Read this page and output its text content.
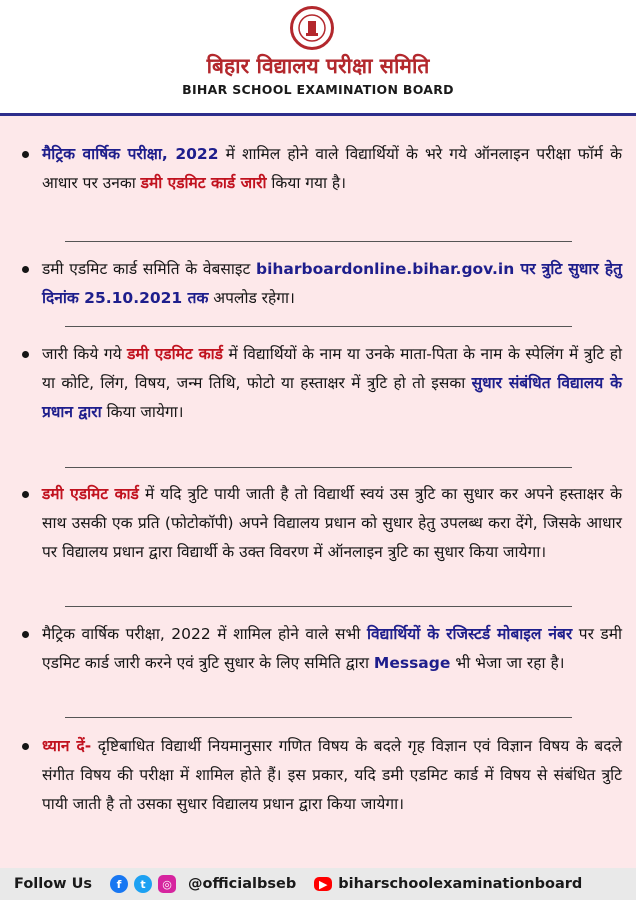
बिहार विद्यालय परीक्षा समिति
BIHAR SCHOOL EXAMINATION BOARD
मैट्रिक वार्षिक परीक्षा, 2022 में शामिल होने वाले विद्यार्थियों के भरे गये ऑनलाइन परीक्षा फॉर्म के आधार पर उनका डमी एडमिट कार्ड जारी किया गया है।
डमी एडमिट कार्ड समिति के वेबसाइट biharboardonline.bihar.gov.in पर त्रुटि सुधार हेतु दिनांक 25.10.2021 तक अपलोड रहेगा।
जारी किये गये डमी एडमिट कार्ड में विद्यार्थियों के नाम या उनके माता-पिता के नाम के स्पेलिंग में त्रुटि हो या कोटि, लिंग, विषय, जन्म तिथि, फोटो या हस्ताक्षर में त्रुटि हो तो इसका सुधार संबंधित विद्यालय के प्रधान द्वारा किया जायेगा।
डमी एडमिट कार्ड में यदि त्रुटि पायी जाती है तो विद्यार्थी स्वयं उस त्रुटि का सुधार कर अपने हस्ताक्षर के साथ उसकी एक प्रति (फोटोकॉपी) अपने विद्यालय प्रधान को सुधार हेतु उपलब्ध करा देंगे, जिसके आधार पर विद्यालय प्रधान द्वारा विद्यार्थी के उक्त विवरण में ऑनलाइन त्रुटि का सुधार किया जायेगा।
मैट्रिक वार्षिक परीक्षा, 2022 में शामिल होने वाले सभी विद्यार्थियों के रजिस्टर्ड मोबाइल नंबर पर डमी एडमिट कार्ड जारी करने एवं त्रुटि सुधार के लिए समिति द्वारा Message भी भेजा जा रहा है।
ध्यान दें- दृष्टिबाधित विद्यार्थी नियमानुसार गणित विषय के बदले गृह विज्ञान एवं विज्ञान विषय के बदले संगीत विषय की परीक्षा में शामिल होते हैं। इस प्रकार, यदि डमी एडमिट कार्ड में विषय से संबंधित त्रुटि पायी जाती है तो उसका सुधार विद्यालय प्रधान द्वारा किया जायेगा।
Follow Us	f	t	◎ @officialbseb	▶ biharschoolexaminationboard
